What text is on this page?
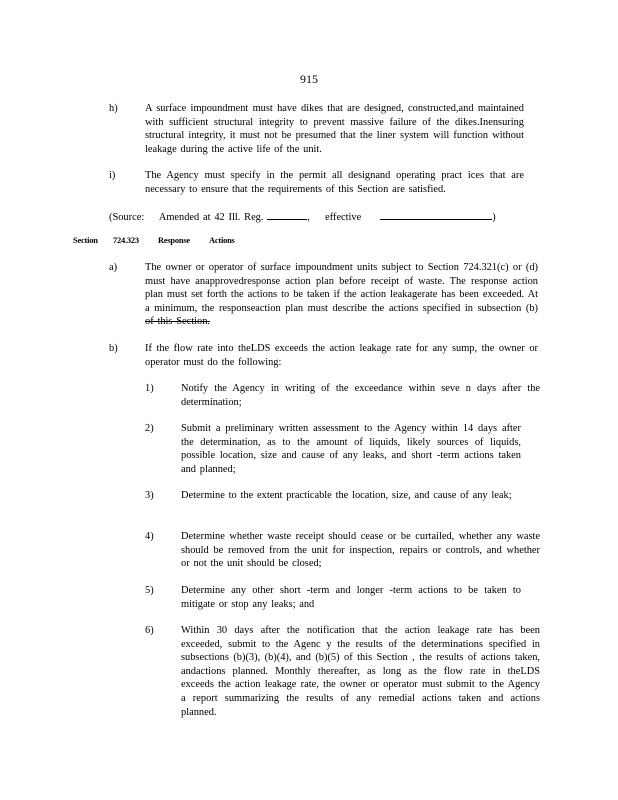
915
h)	A surface impoundment must have dikes that are designed, constructed,and maintained with sufficient structural integrity to prevent massive failure of the dikes.Inensuring structural integrity, it must not be presumed that the liner system will function without leakage during the active life of the unit.
i)	The Agency must specify in the permit all designand operating pract ices that are necessary to ensure that the requirements of this Section are satisfied.
(Source: Amended at 42 Ill. Reg.	,    effective	)
Section 724.323 Response Actions
a)	The owner or operator of surface impoundment units subject to Section 724.321(c) or (d) must have anapprovedresponse action plan before receipt of waste. The response action plan must set forth the actions to be taken if the action leakagerate has been exceeded. At a minimum, the responseaction plan must describe the actions specified in subsection (b) of this Section.
b)	If the flow rate into theLDS exceeds the action leakage rate for any sump, the owner or operator must do the following:
1)	Notify the Agency in writing of the exceedance within seve n days after the determination;
2)	Submit a preliminary written assessment to the Agency within 14 days after the determination, as to the amount of liquids, likely sources of liquids, possible location, size and cause of any leaks, and short -term actions taken and planned;
3)	Determine to the extent practicable the location, size, and cause of any leak;
4)	Determine whether waste receipt should cease or be curtailed, whether any waste should be removed from the unit for inspection, repairs or controls, and whether or not the unit should be closed;
5)	Determine any other short -term and longer -term actions to be taken to mitigate or stop any leaks; and
6)	Within 30 days after the notification that the action leakage rate has been exceeded, submit to the Agenc y the results of the determinations specified in subsections (b)(3), (b)(4), and (b)(5) of this Section , the results of actions taken, andactions planned. Monthly thereafter, as long as the flow rate in theLDS exceeds the action leakage rate, the owner or operator must submit to the Agency a report summarizing the results of any remedial actions taken and actions planned.
